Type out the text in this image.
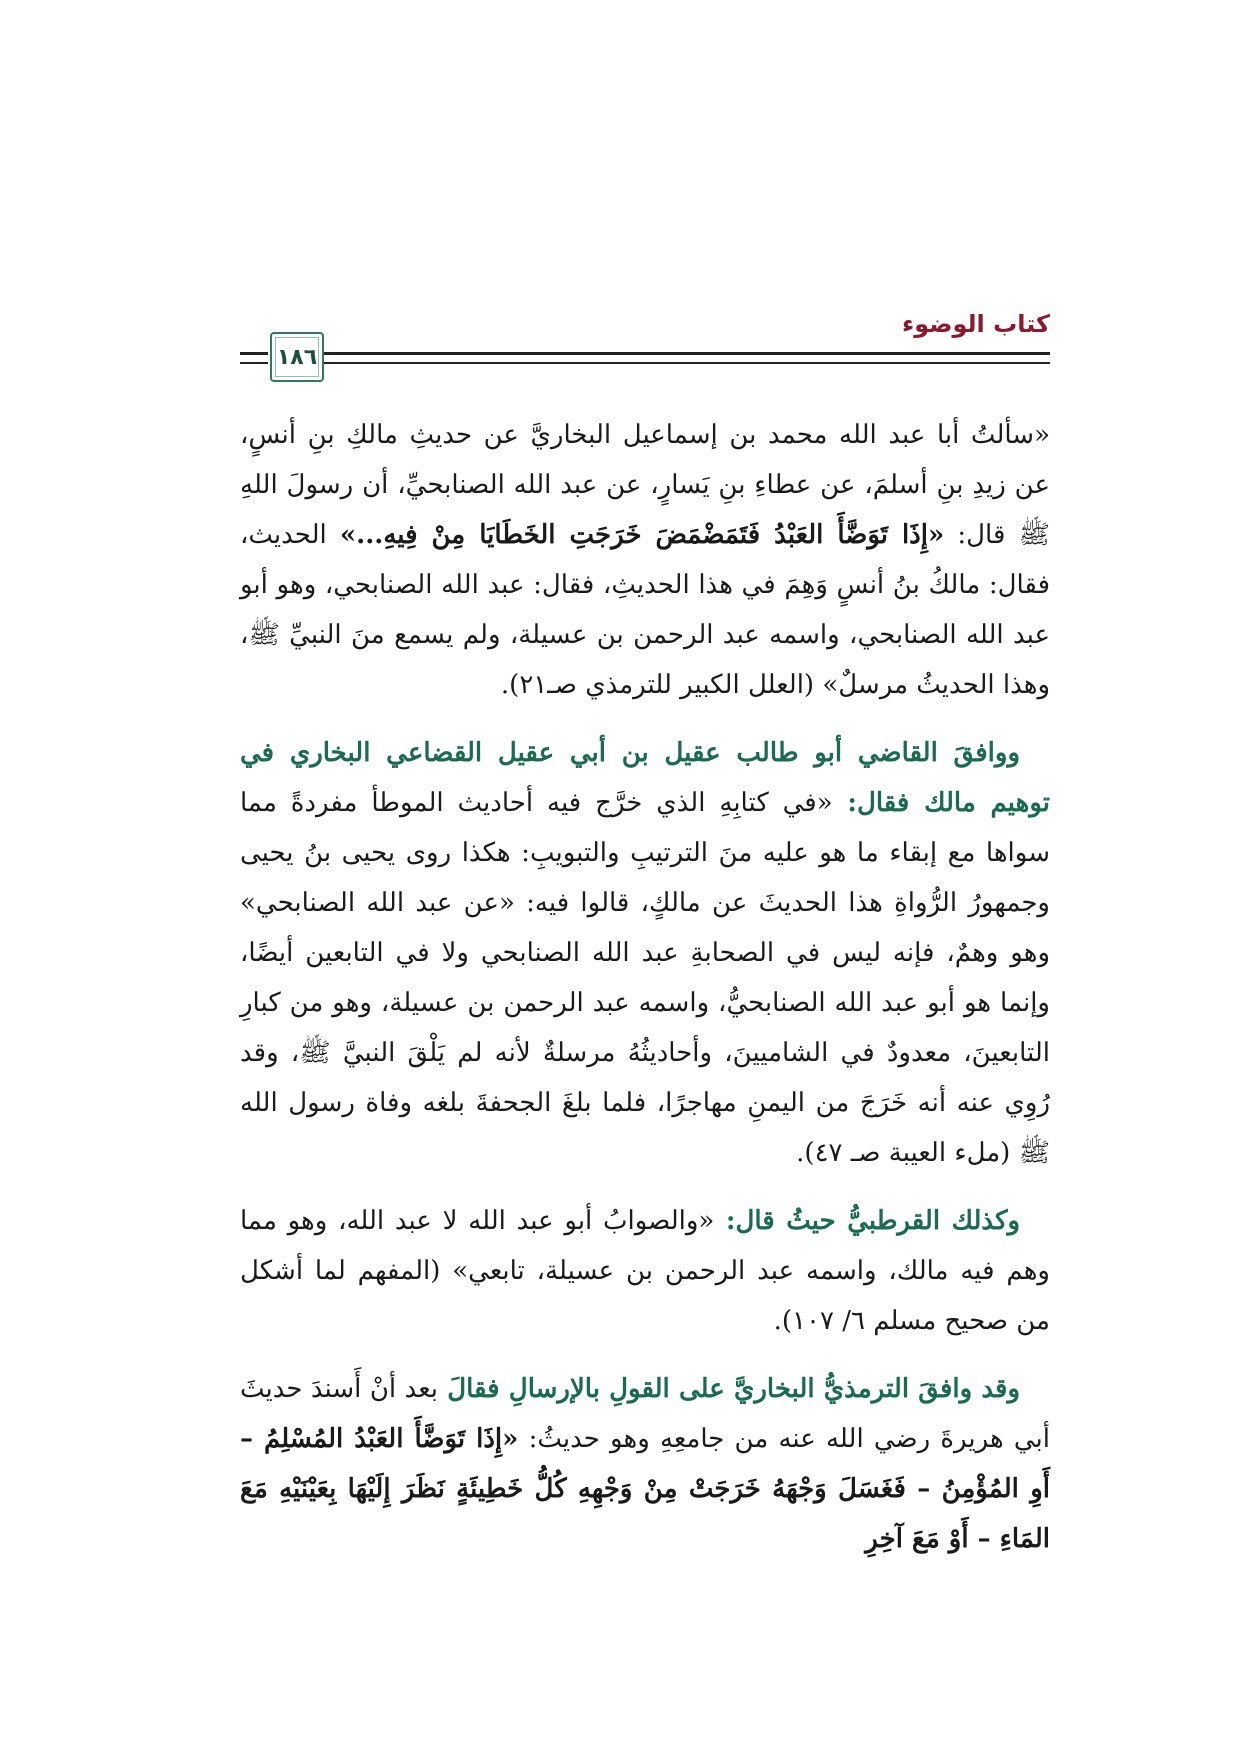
كتاب الوضوء
١٨٦

«سألتُ أبا عبد الله محمد بن إسماعيل البخاريَّ عن حديثِ مالكِ بنِ أنسٍ، عن زيدِ بنِ أسلمَ، عن عطاءِ بنِ يَسارٍ، عن عبد الله الصنابحيِّ، أن رسولَ اللهِ ﷺ قال: «إِذَا تَوَضَّأَ العَبْدُ فَتَمَضْمَضَ خَرَجَتِ الخَطَايَا مِنْ فِيهِ...» الحديث، فقال: مالكُ بنُ أنسٍ وَهِمَ في هذا الحديثِ، فقال: عبد الله الصنابحي، وهو أبو عبد الله الصنابحي، واسمه عبد الرحمن بن عسيلة، ولم يسمع منَ النبيِّ ﷺ، وهذا الحديثُ مرسلٌ» (العلل الكبير للترمذي صـ٢١).

ووافقَ القاضي أبو طالب عقيل بن أبي عقيل القضاعي البخاري في توهيم مالك فقال: «في كتابِهِ الذي خرَّج فيه أحاديث الموطأ مفردةً مما سواها مع إبقاء ما هو عليه منَ الترتيبِ والتبويبِ: هكذا روى يحيى بنُ يحيى وجمهورُ الرُّواةِ هذا الحديثَ عن مالكٍ، قالوا فيه: «عن عبد الله الصنابحي» وهو وهمٌ، فإنه ليس في الصحابةِ عبد الله الصنابحي ولا في التابعين أيضًا، وإنما هو أبو عبد الله الصنابحيُّ، واسمه عبد الرحمن بن عسيلة، وهو من كبارِ التابعينَ، معدودٌ في الشاميينَ، وأحاديثُهُ مرسلةٌ لأنه لم يَلْقَ النبيَّ ﷺ، وقد رُوِي عنه أنه خَرَجَ من اليمنِ مهاجرًا، فلما بلغَ الجحفةَ بلغه وفاة رسول الله ﷺ (ملء العيبة صـ ٤٧).

وكذلك القرطبيُّ حيثُ قال: «والصوابُ أبو عبد الله لا عبد الله، وهو مما وهم فيه مالك، واسمه عبد الرحمن بن عسيلة، تابعي» (المفهم لما أشكل من صحيح مسلم ٦/ ١٠٧).

وقد وافقَ الترمذيُّ البخاريَّ على القولِ بالإرسالِ فقالَ بعد أنْ أَسندَ حديثَ أبي هريرةَ رضي الله عنه من جامعِهِ وهو حديثُ: «إِذَا تَوَضَّأَ العَبْدُ المُسْلِمُ – أَوِ المُؤْمِنُ – فَغَسَلَ وَجْهَهُ خَرَجَتْ مِنْ وَجْهِهِ كُلُّ خَطِيئَةٍ نَظَرَ إِلَيْهَا بِعَيْنَيْهِ مَعَ المَاءِ – أَوْ مَعَ آخِرِ
